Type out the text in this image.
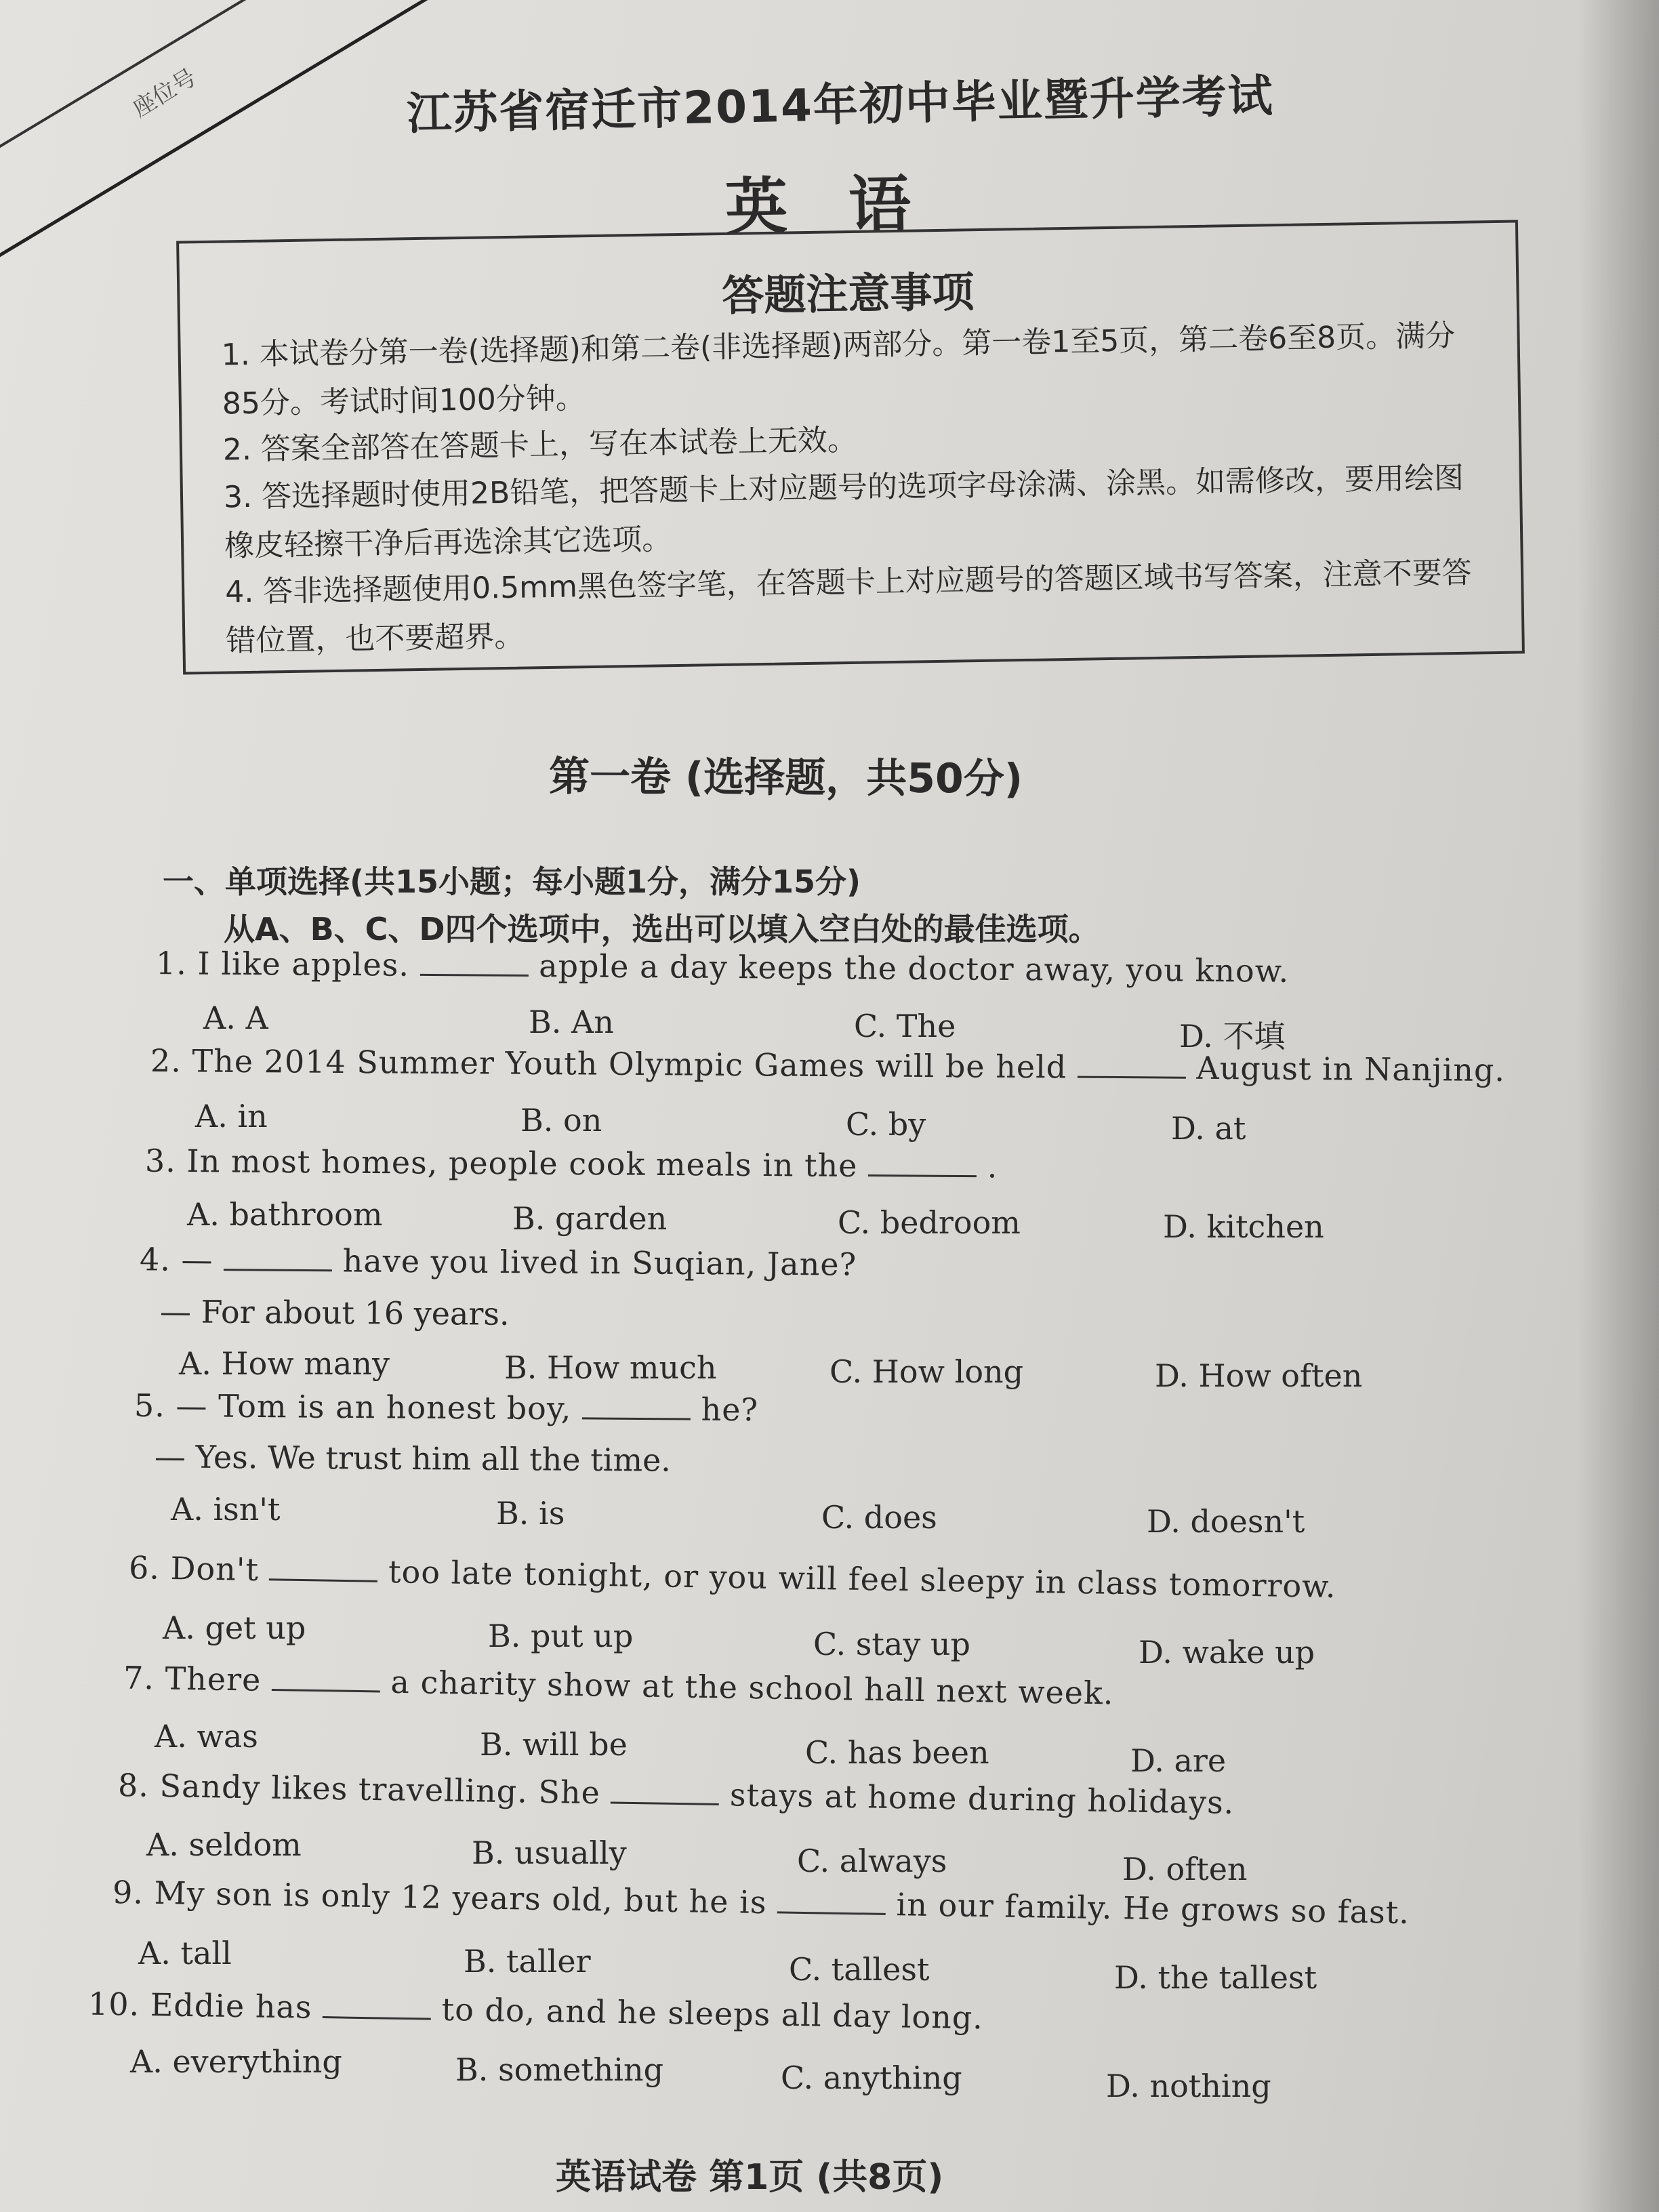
座位号	江苏省宿迁市2014年初中毕业暨升学考试
英语
答题注意事项
1. 本试卷分第一卷(选择题)和第二卷(非选择题)两部分。第一卷1至5页，第二卷6至8页。满分85分。考试时间100分钟。
2. 答案全部答在答题卡上，写在本试卷上无效。
3. 答选择题时使用2B铅笔，把答题卡上对应题号的选项字母涂满、涂黑。如需修改，要用绘图橡皮轻擦干净后再选涂其它选项。
4. 答非选择题使用0.5mm黑色签字笔，在答题卡上对应题号的答题区域书写答案，注意不要答错位置，也不要超界。
第一卷 (选择题，共50分)
一、单项选择(共15小题；每小题1分，满分15分)
从A、B、C、D四个选项中，选出可以填入空白处的最佳选项。
1. I like apples.	apple a day keeps the doctor away, you know.
A. A	B. An	C. The	D. 不填
2. The 2014 Summer Youth Olympic Games will be held	August in Nanjing.
A. in	B. on	C. by	D. at
3. In most homes, people cook meals in the	.
A. bathroom	B. garden	C. bedroom	D. kitchen
4. —	have you lived in Suqian, Jane?
— For about 16 years.
A. How many	B. How much	C. How long	D. How often
5. — Tom is an honest boy,	he?
— Yes. We trust him all the time.
A. isn't	B. is	C. does	D. doesn't
6. Don't	too late tonight, or you will feel sleepy in class tomorrow.
A. get up	B. put up	C. stay up	D. wake up
7. There	a charity show at the school hall next week.
A. was	B. will be	C. has been	D. are
8. Sandy likes travelling. She	stays at home during holidays.
A. seldom	B. usually	C. always	D. often
9. My son is only 12 years old, but he is	in our family. He grows so fast.
A. tall	B. taller	C. tallest	D. the tallest
10. Eddie has	to do, and he sleeps all day long.
A. everything	B. something	C. anything	D. nothing
英语试卷 第1页 (共8页)
